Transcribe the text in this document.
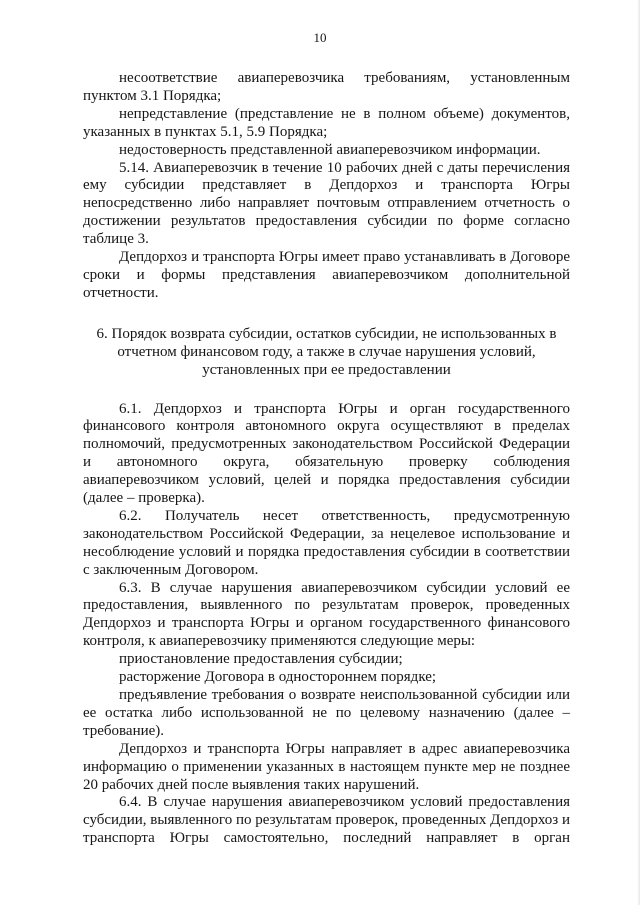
10

несоответствие авиаперевозчика требованиям, установленным пунктом 3.1 Порядка;

непредставление (представление не в полном объеме) документов, указанных в пунктах 5.1, 5.9 Порядка;

недостоверность представленной авиаперевозчиком информации.

5.14. Авиаперевозчик в течение 10 рабочих дней с даты перечисления ему субсидии представляет в Депдорхоз и транспорта Югры непосредственно либо направляет почтовым отправлением отчетность о достижении результатов предоставления субсидии по форме согласно таблице 3.

Депдорхоз и транспорта Югры имеет право устанавливать в Договоре сроки и формы представления авиаперевозчиком дополнительной отчетности.

6. Порядок возврата субсидии, остатков субсидии, не использованных в
отчетном финансовом году, а также в случае нарушения условий,
установленных при ее предоставлении

6.1. Депдорхоз и транспорта Югры и орган государственного финансового контроля автономного округа осуществляют в пределах полномочий, предусмотренных законодательством Российской Федерации и автономного округа, обязательную проверку соблюдения авиаперевозчиком условий, целей и порядка предоставления субсидии (далее – проверка).

6.2. Получатель несет ответственность, предусмотренную законодательством Российской Федерации, за нецелевое использование и несоблюдение условий и порядка предоставления субсидии в соответствии с заключенным Договором.

6.3. В случае нарушения авиаперевозчиком субсидии условий ее предоставления, выявленного по результатам проверок, проведенных Депдорхоз и транспорта Югры и органом государственного финансового контроля, к авиаперевозчику применяются следующие меры:

приостановление предоставления субсидии;

расторжение Договора в одностороннем порядке;

предъявление требования о возврате неиспользованной субсидии или ее остатка либо использованной не по целевому назначению (далее – требование).

Депдорхоз и транспорта Югры направляет в адрес авиаперевозчика информацию о применении указанных в настоящем пункте мер не позднее 20 рабочих дней после выявления таких нарушений.

6.4. В случае нарушения авиаперевозчиком условий предоставления субсидии, выявленного по результатам проверок, проведенных Депдорхоз и транспорта Югры самостоятельно, последний направляет в орган
